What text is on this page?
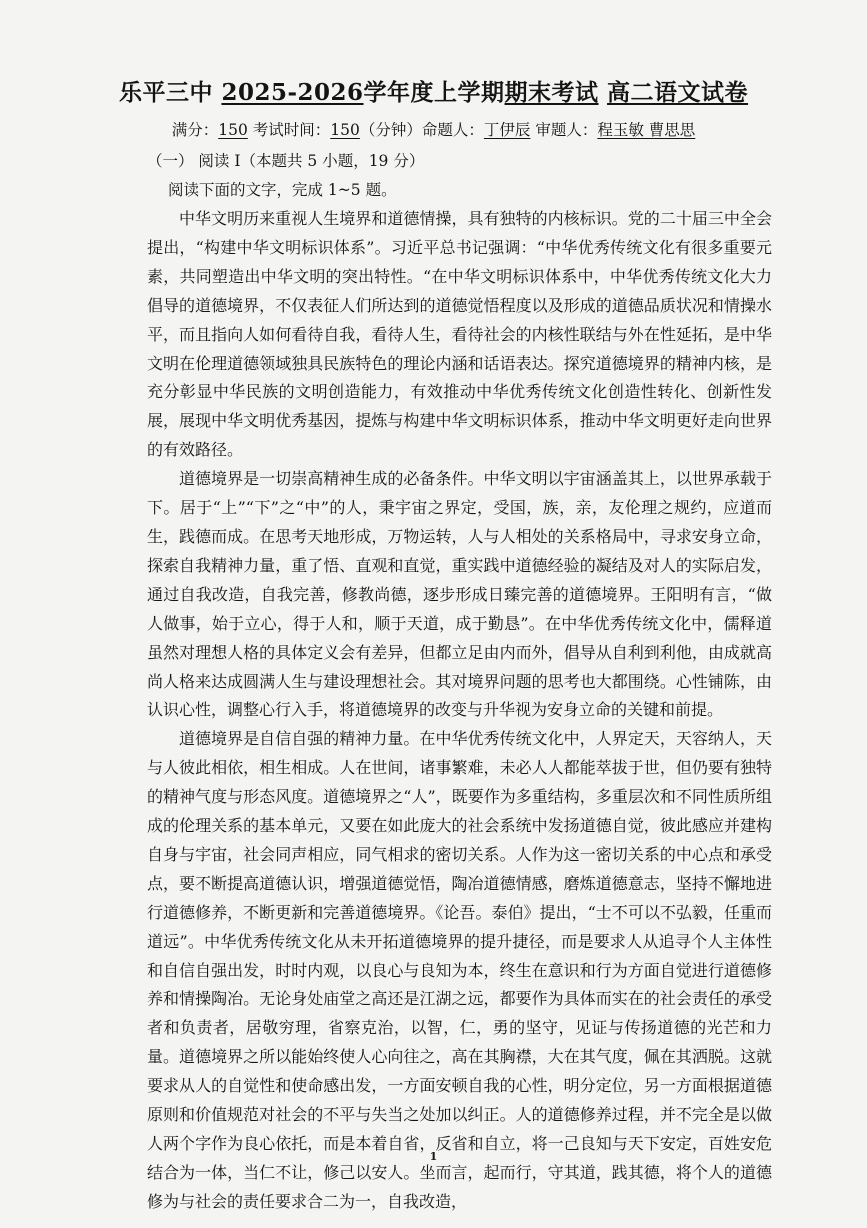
乐平三中 2025-2026学年度上学期期末考试 高二语文试卷
满分：150 考试时间：150（分钟）命题人：丁伊辰 审题人：程玉敏 曹思思
（一） 阅读 I（本题共 5 小题，19 分）
阅读下面的文字，完成 1~5 题。

中华文明历来重视人生境界和道德情操，具有独特的内核标识。党的二十届三中全会提出，“构建中华文明标识体系”。习近平总书记强调：“中华优秀传统文化有很多重要元素，共同塑造出中华文明的突出特性。“在中华文明标识体系中，中华优秀传统文化大力倡导的道德境界，不仅表征人们所达到的道德觉悟程度以及形成的道德品质状况和情操水平，而且指向人如何看待自我，看待人生，看待社会的内核性联结与外在性延拓，是中华文明在伦理道德领域独具民族特色的理论内涵和话语表达。探究道德境界的精神内核，是充分彰显中华民族的文明创造能力，有效推动中华优秀传统文化创造性转化、创新性发展，展现中华文明优秀基因，提炼与构建中华文明标识体系，推动中华文明更好走向世界的有效路径。

道德境界是一切崇高精神生成的必备条件。中华文明以宇宙涵盖其上，以世界承载于下。居于“上”“下”之“中”的人，秉宇宙之界定，受国，族，亲，友伦理之规约，应道而生，践德而成。在思考天地形成，万物运转，人与人相处的关系格局中，寻求安身立命，探索自我精神力量，重了悟、直观和直觉，重实践中道德经验的凝结及对人的实际启发，通过自我改造，自我完善，修教尚德，逐步形成日臻完善的道德境界。王阳明有言，“做人做事，始于立心，得于人和，顺于天道，成于勤恳”。在中华优秀传统文化中，儒释道虽然对理想人格的具体定义会有差异，但都立足由内而外，倡导从自利到利他，由成就高尚人格来达成圆满人生与建设理想社会。其对境界问题的思考也大都围绕。心性铺陈，由认识心性，调整心行入手，将道德境界的改变与升华视为安身立命的关键和前提。

道德境界是自信自强的精神力量。在中华优秀传统文化中，人界定天，天容纳人，天与人彼此相依，相生相成。人在世间，诸事繁难，未必人人都能萃拔于世，但仍要有独特的精神气度与形态风度。道德境界之“人”，既要作为多重结构，多重层次和不同性质所组成的伦理关系的基本单元，又要在如此庞大的社会系统中发扬道德自觉，彼此感应并建构自身与宇宙，社会同声相应，同气相求的密切关系。人作为这一密切关系的中心点和承受点，要不断提高道德认识，增强道德觉悟，陶冶道德情感，磨炼道德意志，坚持不懈地进行道德修养，不断更新和完善道德境界。《论吾。泰伯》提出，“士不可以不弘毅，任重而道远”。中华优秀传统文化从未开拓道德境界的提升捷径，而是要求人从追寻个人主体性和自信自强出发，时时内观，以良心与良知为本，终生在意识和行为方面自觉进行道德修养和情操陶冶。无论身处庙堂之高还是江湖之远，都要作为具体而实在的社会责任的承受者和负责者，居敬穷理，省察克治，以智，仁，勇的坚守，见证与传扬道德的光芒和力量。道德境界之所以能始终使人心向往之，高在其胸襟，大在其气度，佩在其洒脱。这就要求从人的自觉性和使命感出发，一方面安顿自我的心性，明分定位，另一方面根据道德原则和价值规范对社会的不平与失当之处加以纠正。人的道德修养过程，并不完全是以做人两个字作为良心依托，而是本着自省，反省和自立，将一己良知与天下安定，百姓安危结合为一体，当仁不让，修己以安人。坐而言，起而行，守其道，践其德，将个人的道德修为与社会的责任要求合二为一，自我改造，

1
